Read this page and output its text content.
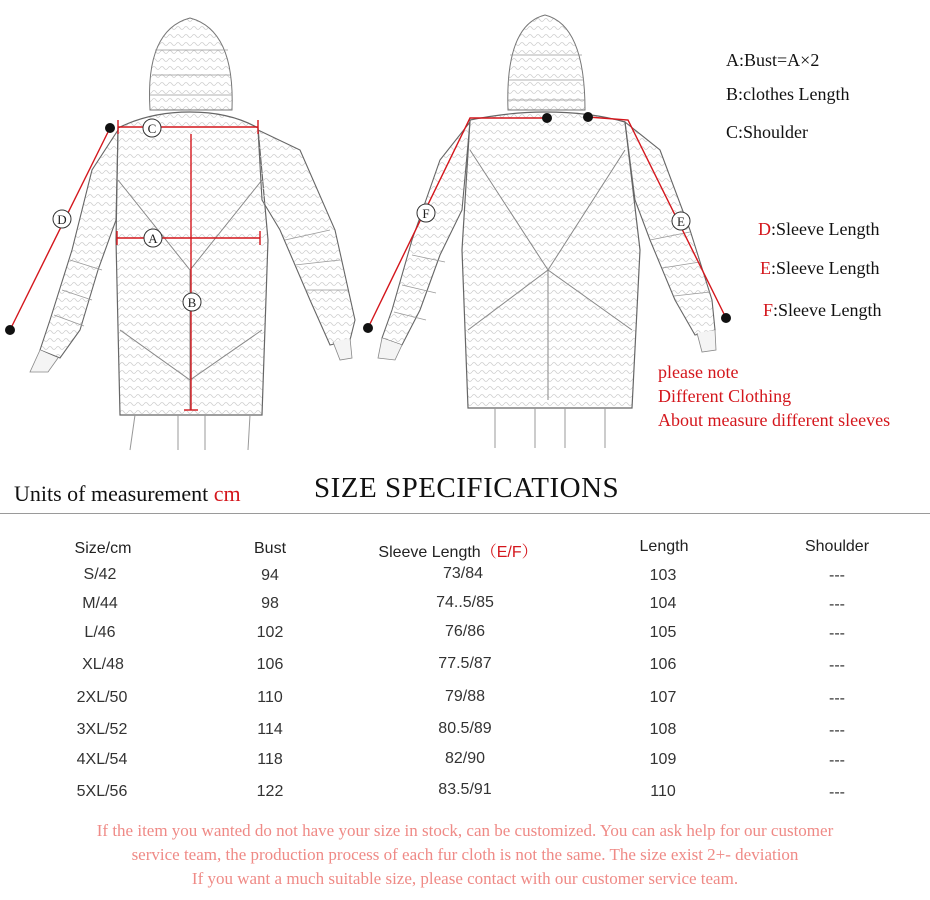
C
A
B
D	F
E
A:Bust=A×2
B:clothes Length
C:Shoulder
D:Sleeve Length
E:Sleeve Length
F:Sleeve Length
please note
Different Clothing
About measure different sleeves
Units of measurement cm	SIZE SPECIFICATIONS
Size/cm	Bust	Sleeve Length（E/F）	Length	Shoulder
S/42	94	73/84	103	---
M/44	98	74..5/85	104	---
L/46	102	76/86	105	---
XL/48	106	77.5/87	106	---
2XL/50	110	79/88	107	---
3XL/52	114	80.5/89	108	---
4XL/54	118	82/90	109	---
5XL/56	122	83.5/91	110	---
If the item you wanted do not have your size in stock, can be customized. You can ask help for our customer
service team, the production process of each fur cloth is not the same. The size exist 2+- deviation
If you want a much suitable size, please contact with our customer service team.
